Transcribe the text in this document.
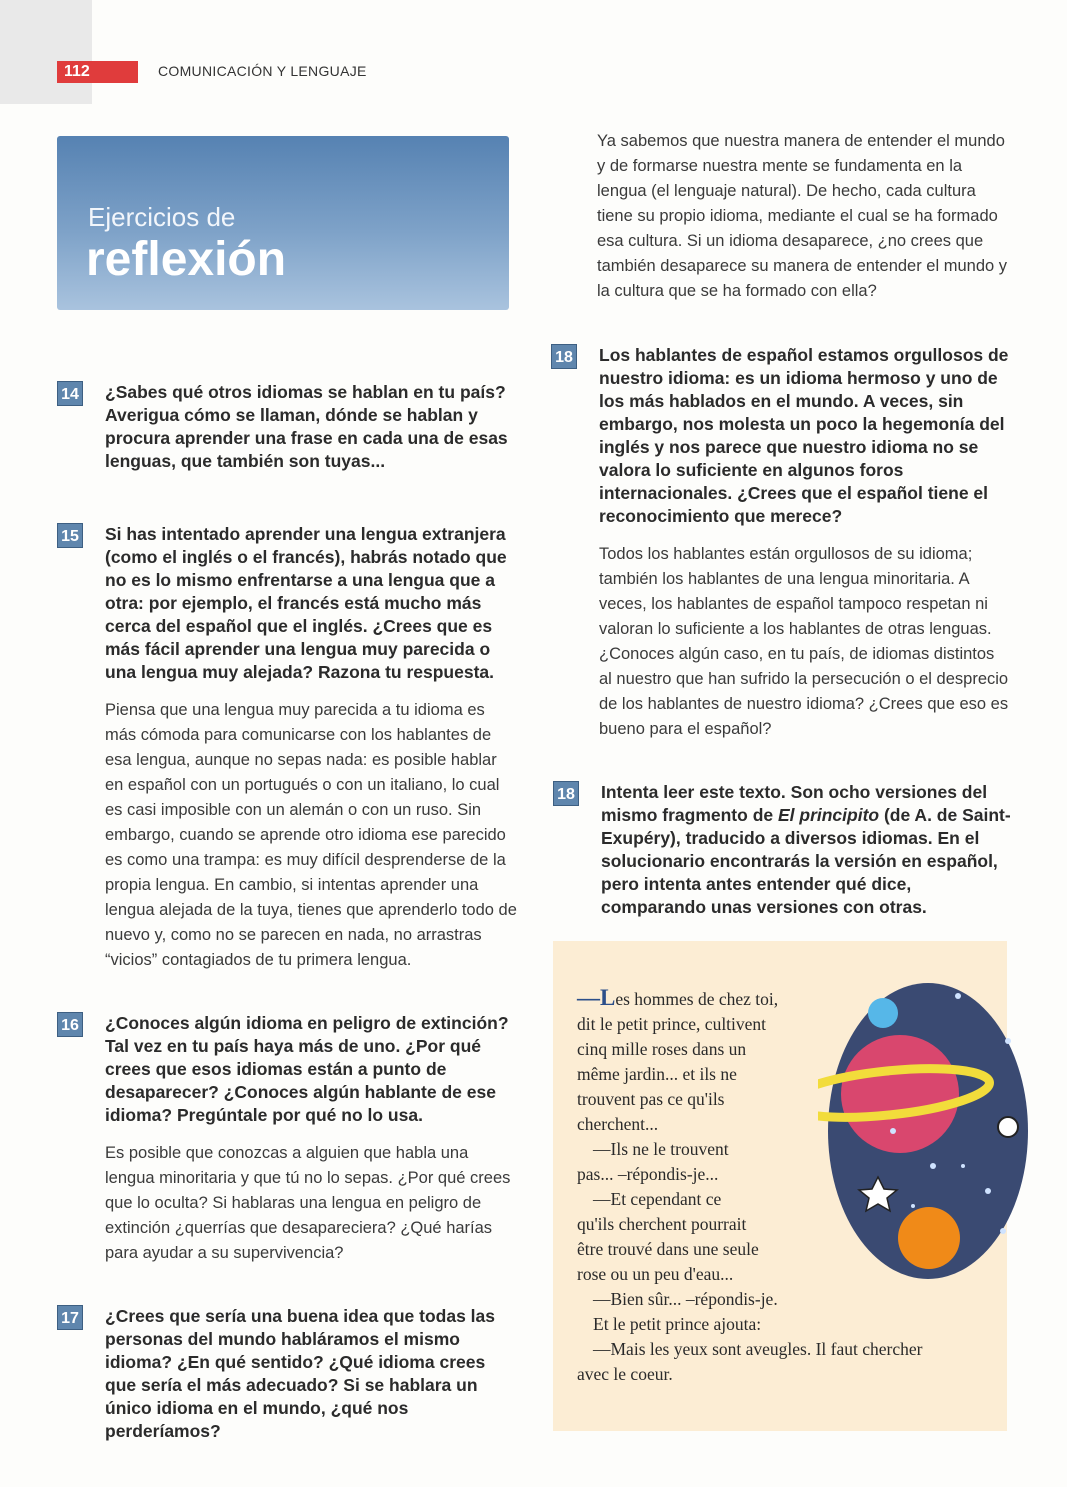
112	COMUNICACIÓN Y LENGUAJE
Ejercicios de
reflexión
14 ¿Sabes qué otros idiomas se hablan en tu país? Averigua cómo se llaman, dónde se hablan y procura aprender una frase en cada una de esas lenguas, que también son tuyas...

15 Si has intentado aprender una lengua extranjera (como el inglés o el francés), habrás notado que no es lo mismo enfrentarse a una lengua que a otra: por ejemplo, el francés está mucho más cerca del español que el inglés. ¿Crees que es más fácil aprender una lengua muy parecida o una lengua muy alejada? Razona tu respuesta.

Piensa que una lengua muy parecida a tu idioma es más cómoda para comunicarse con los hablantes de esa lengua, aunque no sepas nada: es posible hablar en español con un portugués o con un italiano, lo cual es casi imposible con un alemán o con un ruso. Sin embargo, cuando se aprende otro idioma ese parecido es como una trampa: es muy difícil desprenderse de la propia lengua. En cambio, si intentas aprender una lengua alejada de la tuya, tienes que aprenderlo todo de nuevo y, como no se parecen en nada, no arrastras “vicios” contagiados de tu primera lengua.

16 ¿Conoces algún idioma en peligro de extinción? Tal vez en tu país haya más de uno. ¿Por qué crees que esos idiomas están a punto de desaparecer? ¿Conoces algún hablante de ese idioma? Pregúntale por qué no lo usa.

Es posible que conozcas a alguien que habla una lengua minoritaria y que tú no lo sepas. ¿Por qué crees que lo oculta? Si hablaras una lengua en peligro de extinción ¿querrías que desapareciera? ¿Qué harías para ayudar a su supervivencia?

17 ¿Crees que sería una buena idea que todas las personas del mundo habláramos el mismo idioma? ¿En qué sentido? ¿Qué idioma crees que sería el más adecuado? Si se hablara un único idioma en el mundo, ¿qué nos perderíamos?

Ya sabemos que nuestra manera de entender el mundo y de formarse nuestra mente se fundamenta en la lengua (el lenguaje natural). De hecho, cada cultura tiene su propio idioma, mediante el cual se ha formado esa cultura. Si un idioma desaparece, ¿no crees que también desaparece su manera de entender el mundo y la cultura que se ha formado con ella?

18 Los hablantes de español estamos orgullosos de nuestro idioma: es un idioma hermoso y uno de los más hablados en el mundo. A veces, sin embargo, nos molesta un poco la hegemonía del inglés y nos parece que nuestro idioma no se valora lo suficiente en algunos foros internacionales. ¿Crees que el español tiene el reconocimiento que merece?

Todos los hablantes están orgullosos de su idioma; también los hablantes de una lengua minoritaria. A veces, los hablantes de español tampoco respetan ni valoran lo suficiente a los hablantes de otras lenguas. ¿Conoces algún caso, en tu país, de idiomas distintos al nuestro que han sufrido la persecución o el desprecio de los hablantes de nuestro idioma? ¿Crees que eso es bueno para el español?

18 Intenta leer este texto. Son ocho versiones del mismo fragmento de El principito (de A. de Saint-Exupéry), traducido a diversos idiomas. En el solucionario encontrarás la versión en español, pero intenta antes entender qué dice, comparando unas versiones con otras.

—Les hommes de chez toi,

dit le petit prince, cultivent

cinq mille roses dans un

même jardin... et ils ne

trouvent pas ce qu'ils

cherchent...

—Ils ne le trouvent

pas... –répondis-je...

—Et cependant ce

qu'ils cherchent pourrait

être trouvé dans une seule

rose ou un peu d'eau...

—Bien sûr... –répondis-je.

Et le petit prince ajouta:

—Mais les yeux sont aveugles. Il faut chercher

avec le coeur.
